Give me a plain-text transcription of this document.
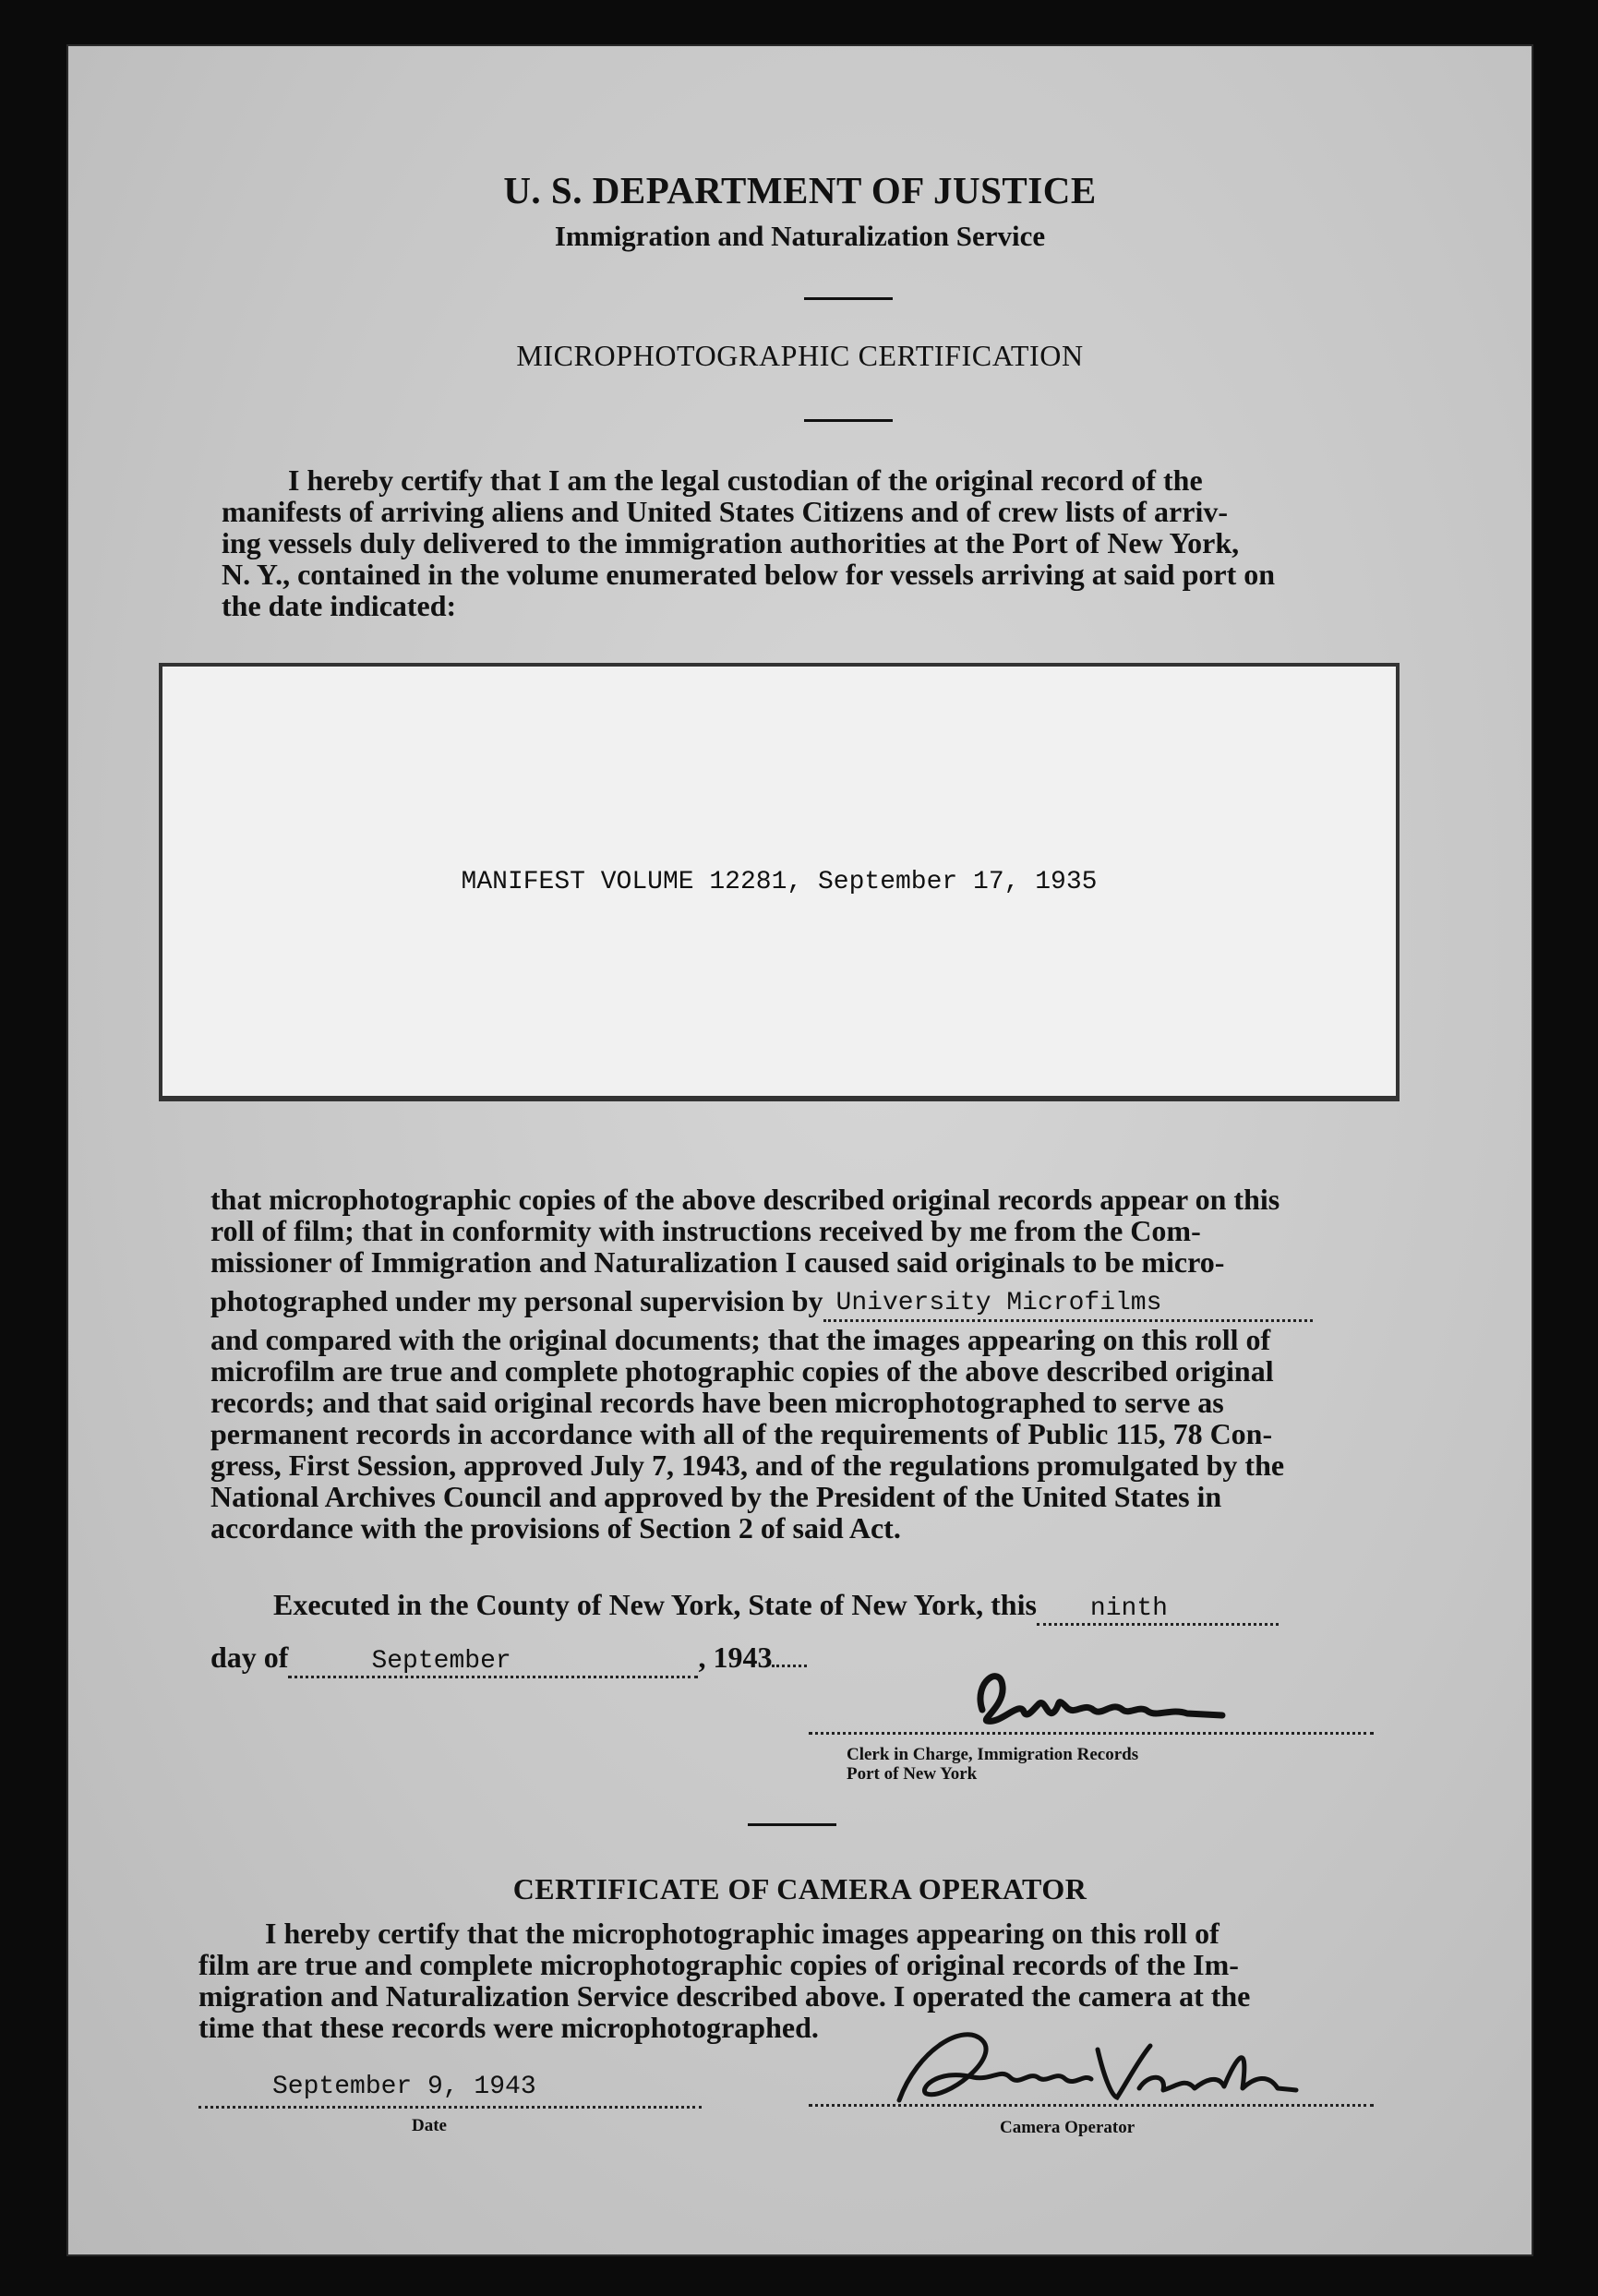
U. S. DEPARTMENT OF JUSTICE
Immigration and Naturalization Service
MICROPHOTOGRAPHIC CERTIFICATION

I hereby certify that I am the legal custodian of the original record of the

manifests of arriving aliens and United States Citizens and of crew lists of arriv-

ing vessels duly delivered to the immigration authorities at the Port of New York,

N. Y., contained in the volume enumerated below for vessels arriving at said port on

the date indicated:

MANIFEST VOLUME 12281, September 17, 1935

that microphotographic copies of the above described original records appear on this

roll of film; that in conformity with instructions received by me from the Com-

missioner of Immigration and Naturalization I caused said originals to be micro-

photographed under my personal supervision by University Microfilms

and compared with the original documents; that the images appearing on this roll of

microfilm are true and complete photographic copies of the above described original

records; and that said original records have been microphotographed to serve as

permanent records in accordance with all of the requirements of Public 115, 78 Con-

gress, First Session, approved July 7, 1943, and of the regulations promulgated by the

National Archives Council and approved by the President of the United States in

accordance with the provisions of Section 2 of said Act.

Executed in the County of New York, State of New York, this ninth
day of	September	, 1943
Clerk in Charge, Immigration Records
Port of New York
CERTIFICATE OF CAMERA OPERATOR

I hereby certify that the microphotographic images appearing on this roll of

film are true and complete microphotographic copies of original records of the Im-

migration and Naturalization Service described above. I operated the camera at the

time that these records were microphotographed.

September 9, 1943
Date	Camera Operator
